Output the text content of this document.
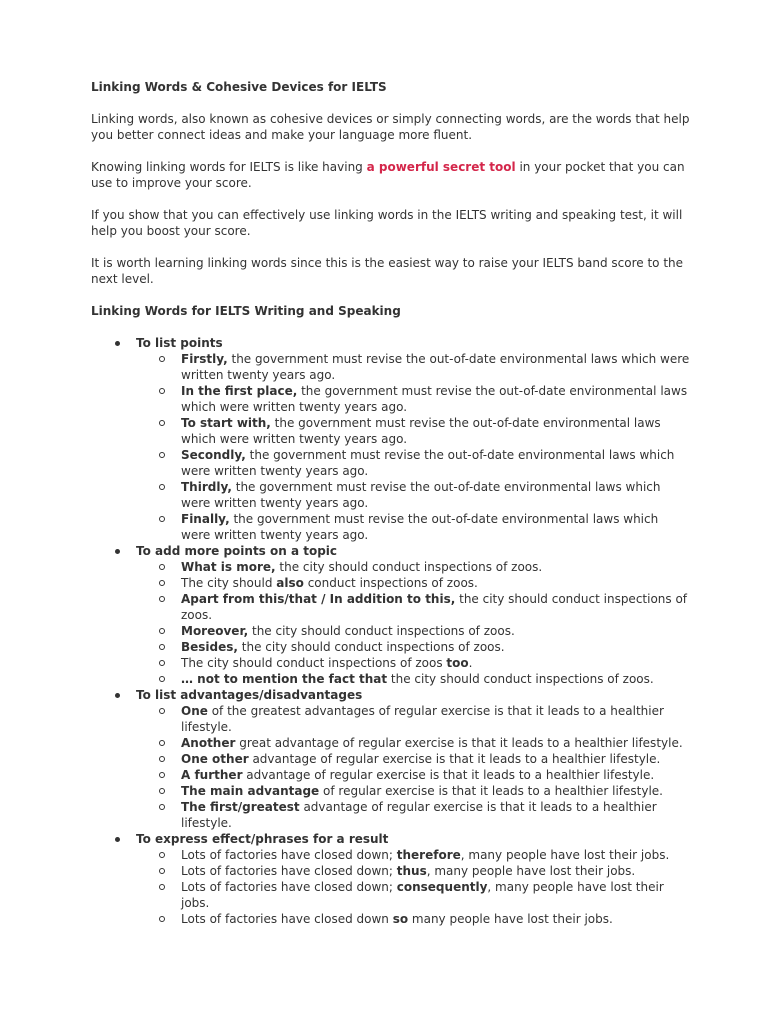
Linking Words & Cohesive Devices for IELTS

Linking words, also known as cohesive devices or simply connecting words, are the words that help you better connect ideas and make your language more fluent.

Knowing linking words for IELTS is like having a powerful secret tool in your pocket that you can use to improve your score.

If you show that you can effectively use linking words in the IELTS writing and speaking test, it will help you boost your score.

It is worth learning linking words since this is the easiest way to raise your IELTS band score to the next level.

Linking Words for IELTS Writing and Speaking

To list points
Firstly, the government must revise the out-of-date environmental laws which were written twenty years ago.
In the first place, the government must revise the out-of-date environmental laws which were written twenty years ago.
To start with, the government must revise the out-of-date environmental laws which were written twenty years ago.
Secondly, the government must revise the out-of-date environmental laws which were written twenty years ago.
Thirdly, the government must revise the out-of-date environmental laws which were written twenty years ago.
Finally, the government must revise the out-of-date environmental laws which were written twenty years ago.
To add more points on a topic
What is more, the city should conduct inspections of zoos.
The city should also conduct inspections of zoos.
Apart from this/that / In addition to this, the city should conduct inspections of zoos.
Moreover, the city should conduct inspections of zoos.
Besides, the city should conduct inspections of zoos.
The city should conduct inspections of zoos too.
… not to mention the fact that the city should conduct inspections of zoos.
To list advantages/disadvantages
One of the greatest advantages of regular exercise is that it leads to a healthier lifestyle.
Another great advantage of regular exercise is that it leads to a healthier lifestyle.
One other advantage of regular exercise is that it leads to a healthier lifestyle.
A further advantage of regular exercise is that it leads to a healthier lifestyle.
The main advantage of regular exercise is that it leads to a healthier lifestyle.
The first/greatest advantage of regular exercise is that it leads to a healthier lifestyle.
To express effect/phrases for a result
Lots of factories have closed down; therefore, many people have lost their jobs.
Lots of factories have closed down; thus, many people have lost their jobs.
Lots of factories have closed down; consequently, many people have lost their jobs.
Lots of factories have closed down so many people have lost their jobs.
